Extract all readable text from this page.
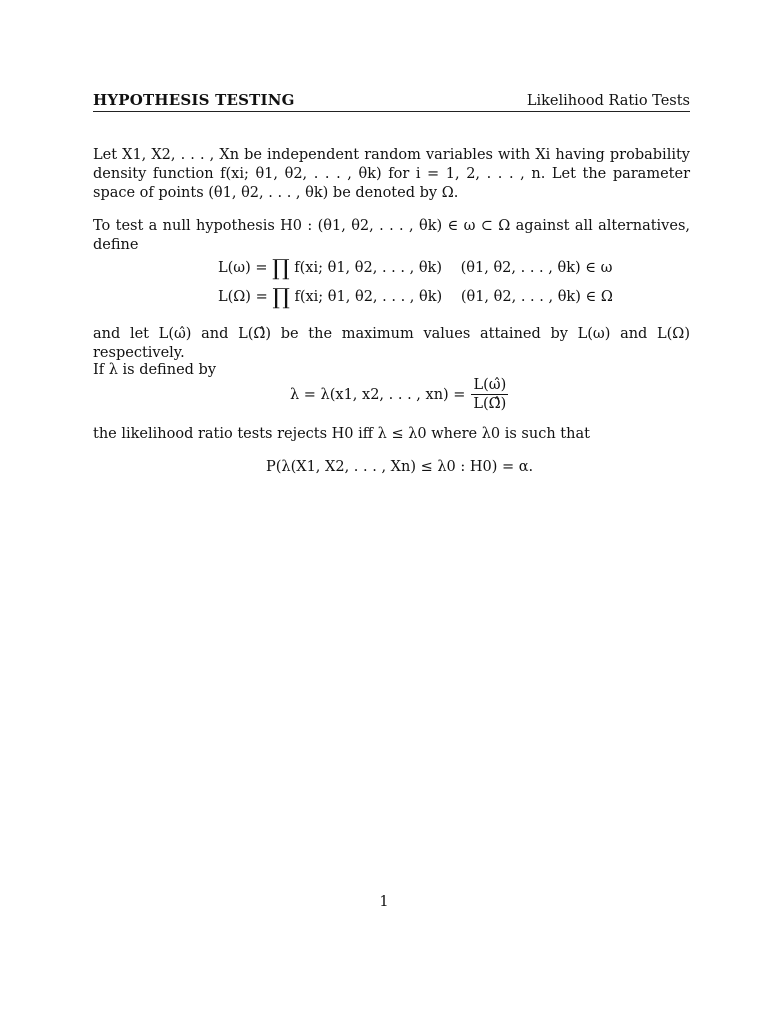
HYPOTHESIS TESTING	Likelihood Ratio Tests
Let X1, X2, . . . , Xn be independent random variables with Xi having probability density function f(xi; θ1, θ2, . . . , θk) for i = 1, 2, . . . , n. Let the parameter space of points (θ1, θ2, . . . , θk) be denoted by Ω.
To test a null hypothesis H0 : (θ1, θ2, . . . , θk) ∈ ω ⊂ Ω against all alternatives, define
L(ω) = ∏ f(xi; θ1, θ2, . . . , θk) (θ1, θ2, . . . , θk) ∈ ω
L(Ω) = ∏ f(xi; θ1, θ2, . . . , θk) (θ1, θ2, . . . , θk) ∈ Ω
and let L(ω̂) and L(Ω̂) be the maximum values attained by L(ω) and L(Ω) respectively.
If λ is defined by
λ = λ(x1, x2, . . . , $xn) = \frac{L(\omegâ)}{L(\Omegâ)}$
the likelihood ratio tests rejects H0 iff λ ≤ λ0 where λ0 is such that
P(λ(X1, X2, . . . , Xn) ≤ λ0 : H0) = α.
1
